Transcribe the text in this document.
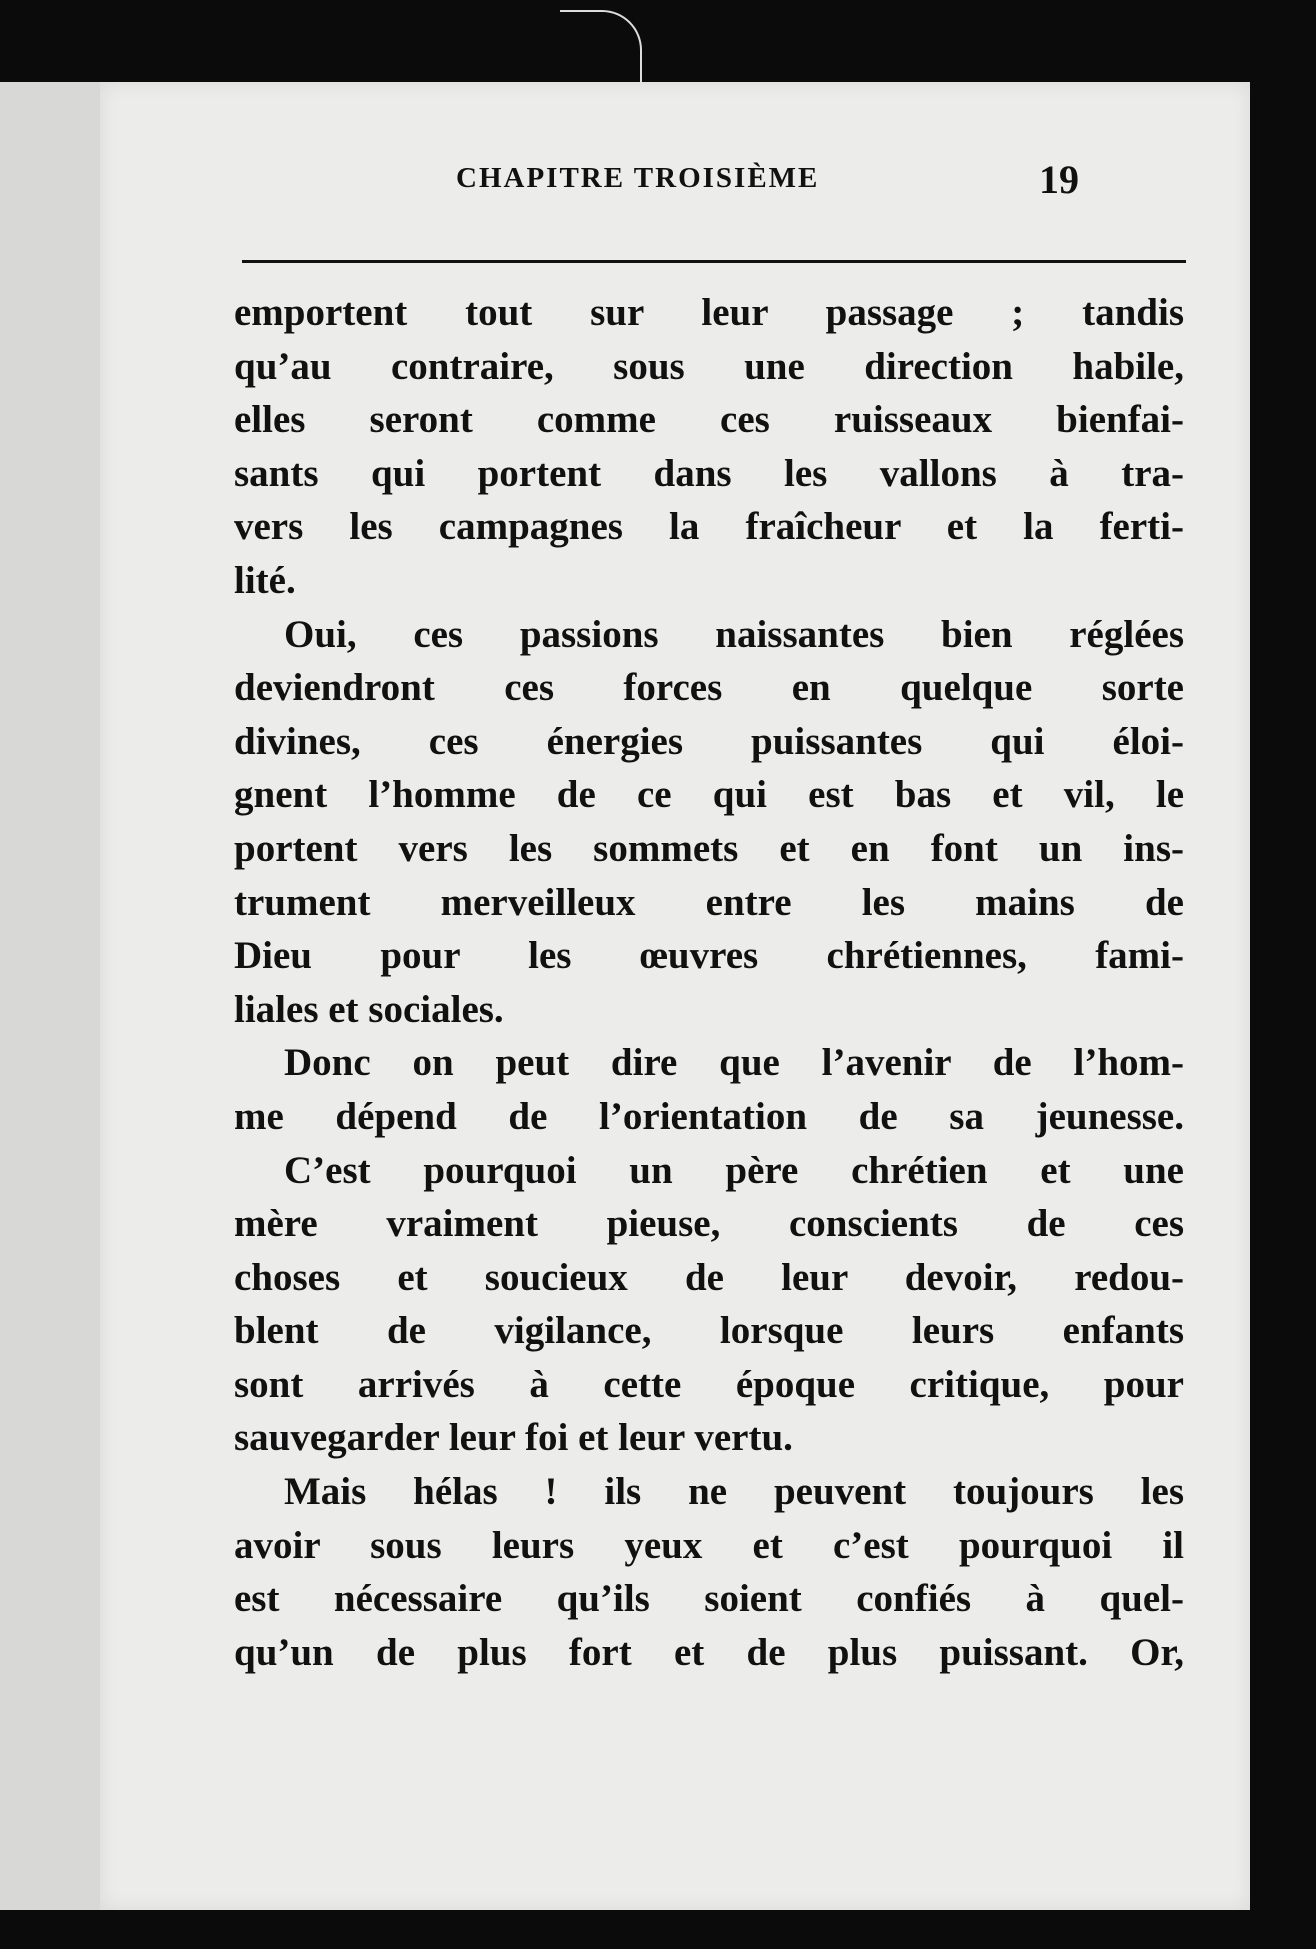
CHAPITRE TROISIÈME	19
emportent tout sur leur passage ; tandis
qu’au contraire, sous une direction habile,
elles seront comme ces ruisseaux bienfai-
sants qui portent dans les vallons à tra-
vers les campagnes la fraîcheur et la ferti-
lité.
Oui, ces passions naissantes bien réglées
deviendront ces forces en quelque sorte
divines, ces énergies puissantes qui éloi-
gnent l’homme de ce qui est bas et vil, le
portent vers les sommets et en font un ins-
trument merveilleux entre les mains de
Dieu pour les œuvres chrétiennes, fami-
liales et sociales.
Donc on peut dire que l’avenir de l’hom-
me dépend de l’orientation de sa jeunesse.
C’est pourquoi un père chrétien et une
mère vraiment pieuse, conscients de ces
choses et soucieux de leur devoir, redou-
blent de vigilance, lorsque leurs enfants
sont arrivés à cette époque critique, pour
sauvegarder leur foi et leur vertu.
Mais hélas ! ils ne peuvent toujours les
avoir sous leurs yeux et c’est pourquoi il
est nécessaire qu’ils soient confiés à quel-
qu’un de plus fort et de plus puissant. Or,
